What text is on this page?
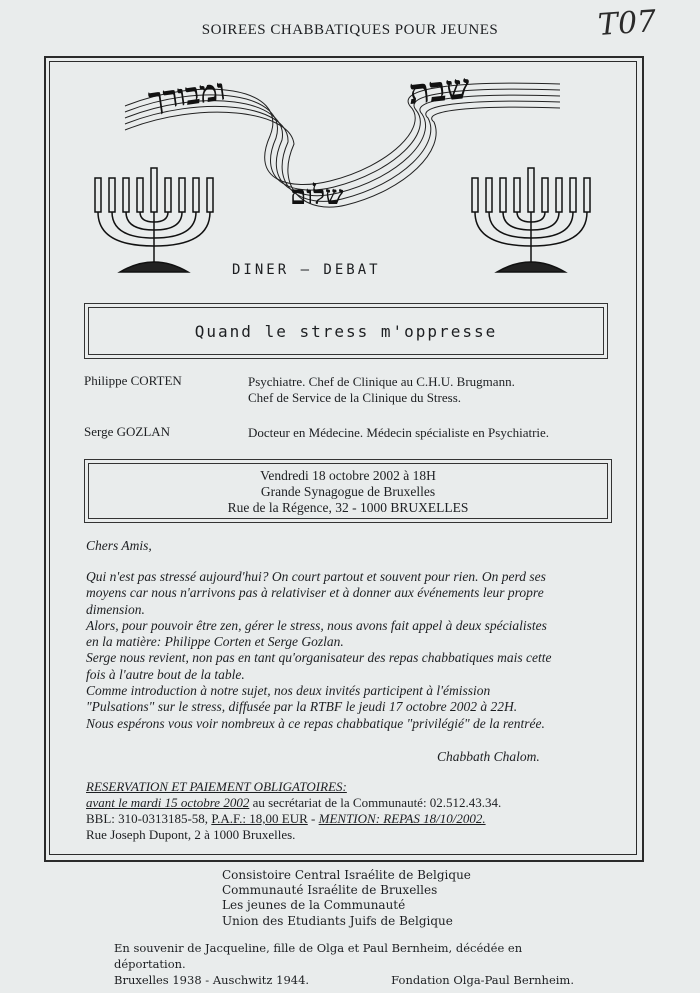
SOIREES CHABBATIQUES POUR JEUNES	T07
ומבורך	שבת
שלום
DINER – DEBAT
Quand le stress m'oppresse
Philippe CORTEN	Psychiatre. Chef de Clinique au C.H.U. Brugmann.
Chef de Service de la Clinique du Stress.
Serge GOZLAN	Docteur en Médecine. Médecin spécialiste en Psychiatrie.
Vendredi 18 octobre 2002 à 18H
Grande Synagogue de Bruxelles
Rue de la Régence, 32 - 1000 BRUXELLES
Chers Amis,
Qui n'est pas stressé aujourd'hui? On court partout et souvent pour rien. On perd ses
moyens car nous n'arrivons pas à relativiser et à donner aux événements leur propre
dimension.
Alors, pour pouvoir être zen, gérer le stress, nous avons fait appel à deux spécialistes
en la matière: Philippe Corten et Serge Gozlan.
Serge nous revient, non pas en tant qu'organisateur des repas chabbatiques mais cette
fois à l'autre bout de la table.
Comme introduction à notre sujet, nos deux invités participent à l'émission
"Pulsations" sur le stress, diffusée par la RTBF le jeudi 17 octobre 2002 à 22H.
Nous espérons vous voir nombreux à ce repas chabbatique "privilégié" de la rentrée.
Chabbath Chalom.
RESERVATION ET PAIEMENT OBLIGATOIRES:
avant le mardi 15 octobre 2002 au secrétariat de la Communauté: 02.512.43.34.
BBL: 310-0313185-58, P.A.F.: 18,00 EUR - MENTION: REPAS 18/10/2002.
Rue Joseph Dupont, 2 à 1000 Bruxelles.
Consistoire Central Israélite de Belgique
Communauté Israélite de Bruxelles
Les jeunes de la Communauté
Union des Etudiants Juifs de Belgique
En souvenir de Jacqueline, fille de Olga et Paul Bernheim, décédée en déportation.
Bruxelles 1938 - Auschwitz 1944.	Fondation Olga-Paul Bernheim.
